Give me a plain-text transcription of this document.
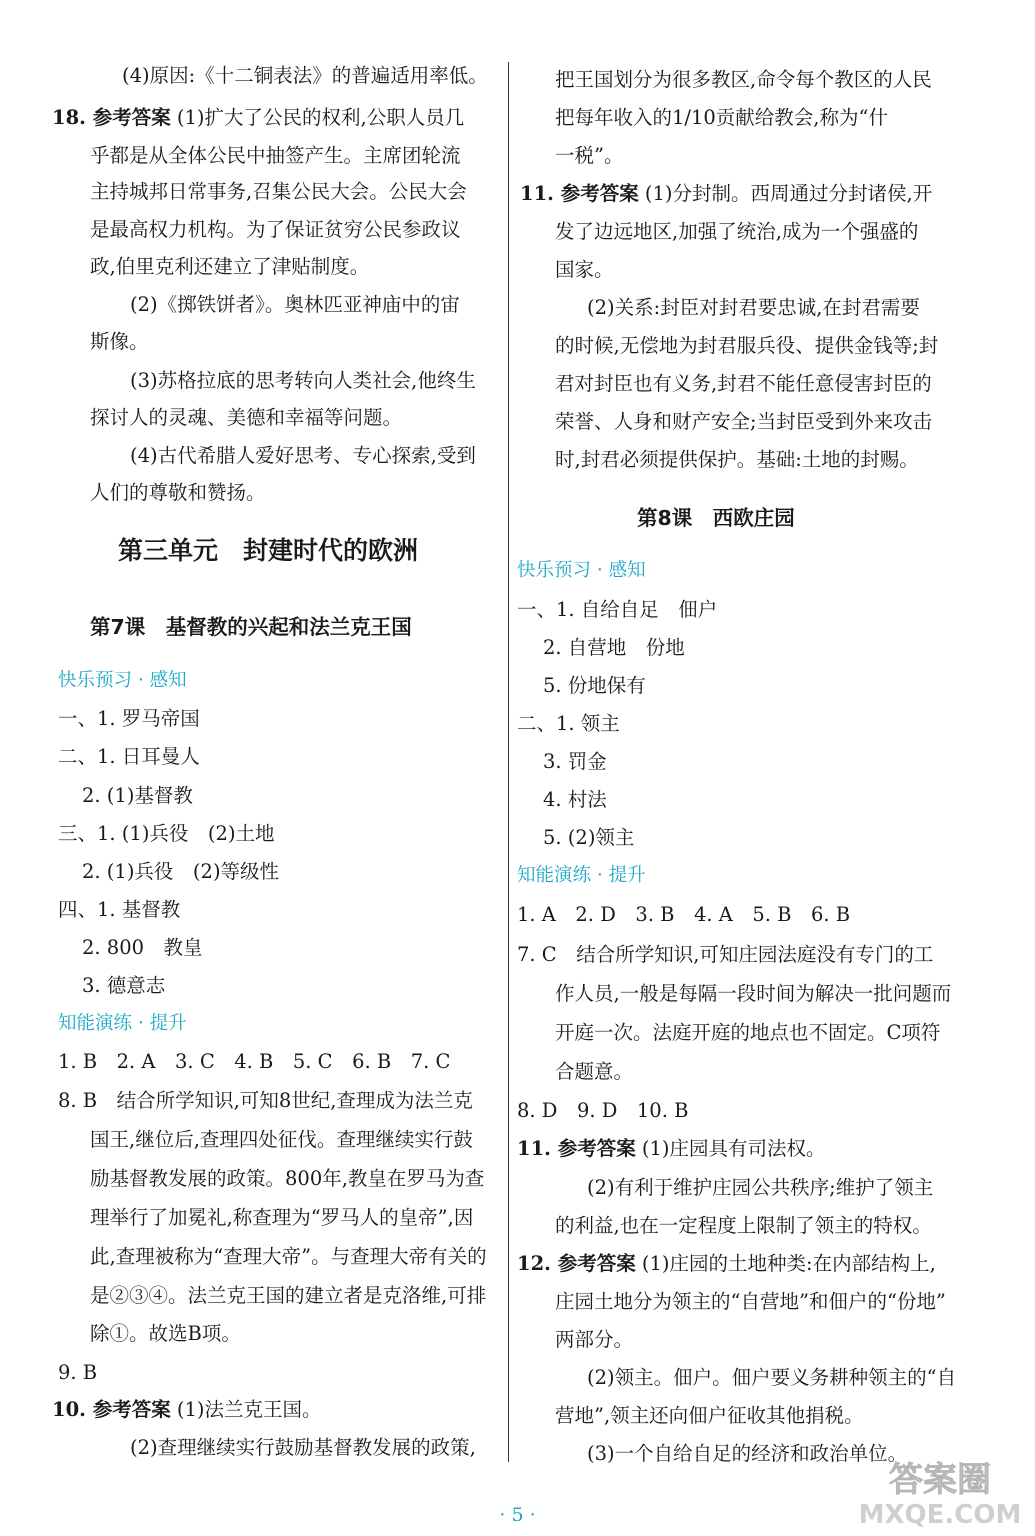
(4)原因:《十二铜表法》的普遍适用率低。
18. 参考答案 (1)扩大了公民的权利,公职人员几
乎都是从全体公民中抽签产生。主席团轮流
主持城邦日常事务,召集公民大会。公民大会
是最高权力机构。为了保证贫穷公民参政议
政,伯里克利还建立了津贴制度。
(2)《掷铁饼者》。奥林匹亚神庙中的宙
斯像。
(3)苏格拉底的思考转向人类社会,他终生
探讨人的灵魂、美德和幸福等问题。
(4)古代希腊人爱好思考、专心探索,受到
人们的尊敬和赞扬。
第三单元　封建时代的欧洲
第7课　基督教的兴起和法兰克王国
快乐预习 · 感知
一、1. 罗马帝国
二、1. 日耳曼人
2. (1)基督教
三、1. (1)兵役　(2)土地
2. (1)兵役　(2)等级性
四、1. 基督教
2. 800　教皇
3. 德意志
知能演练 · 提升
1. B　2. A　3. C　4. B　5. C　6. B　7. C
8. B　结合所学知识,可知8世纪,查理成为法兰克
国王,继位后,查理四处征伐。查理继续实行鼓
励基督教发展的政策。800年,教皇在罗马为查
理举行了加冕礼,称查理为“罗马人的皇帝”,因
此,查理被称为“查理大帝”。与查理大帝有关的
是②③④。法兰克王国的建立者是克洛维,可排
除①。故选B项。
9. B
10. 参考答案 (1)法兰克王国。
(2)查理继续实行鼓励基督教发展的政策,
把王国划分为很多教区,命令每个教区的人民
把每年收入的1/10贡献给教会,称为“什
一税”。
11. 参考答案 (1)分封制。西周通过分封诸侯,开
发了边远地区,加强了统治,成为一个强盛的
国家。
(2)关系:封臣对封君要忠诚,在封君需要
的时候,无偿地为封君服兵役、提供金钱等;封
君对封臣也有义务,封君不能任意侵害封臣的
荣誉、人身和财产安全;当封臣受到外来攻击
时,封君必须提供保护。基础:土地的封赐。
第8课　西欧庄园
快乐预习 · 感知
一、1. 自给自足　佃户
2. 自营地　份地
5. 份地保有
二、1. 领主
3. 罚金
4. 村法
5. (2)领主
知能演练 · 提升
1. A　2. D　3. B　4. A　5. B　6. B
7. C　结合所学知识,可知庄园法庭没有专门的工
作人员,一般是每隔一段时间为解决一批问题而
开庭一次。法庭开庭的地点也不固定。C项符
合题意。
8. D　9. D　10. B
11. 参考答案 (1)庄园具有司法权。
(2)有利于维护庄园公共秩序;维护了领主
的利益,也在一定程度上限制了领主的特权。
12. 参考答案 (1)庄园的土地种类:在内部结构上,
庄园土地分为领主的“自营地”和佃户的“份地”
两部分。
(2)领主。佃户。佃户要义务耕种领主的“自
营地”,领主还向佃户征收其他捐税。
(3)一个自给自足的经济和政治单位。
· 5 ·
答案圈
MXQE.COM
